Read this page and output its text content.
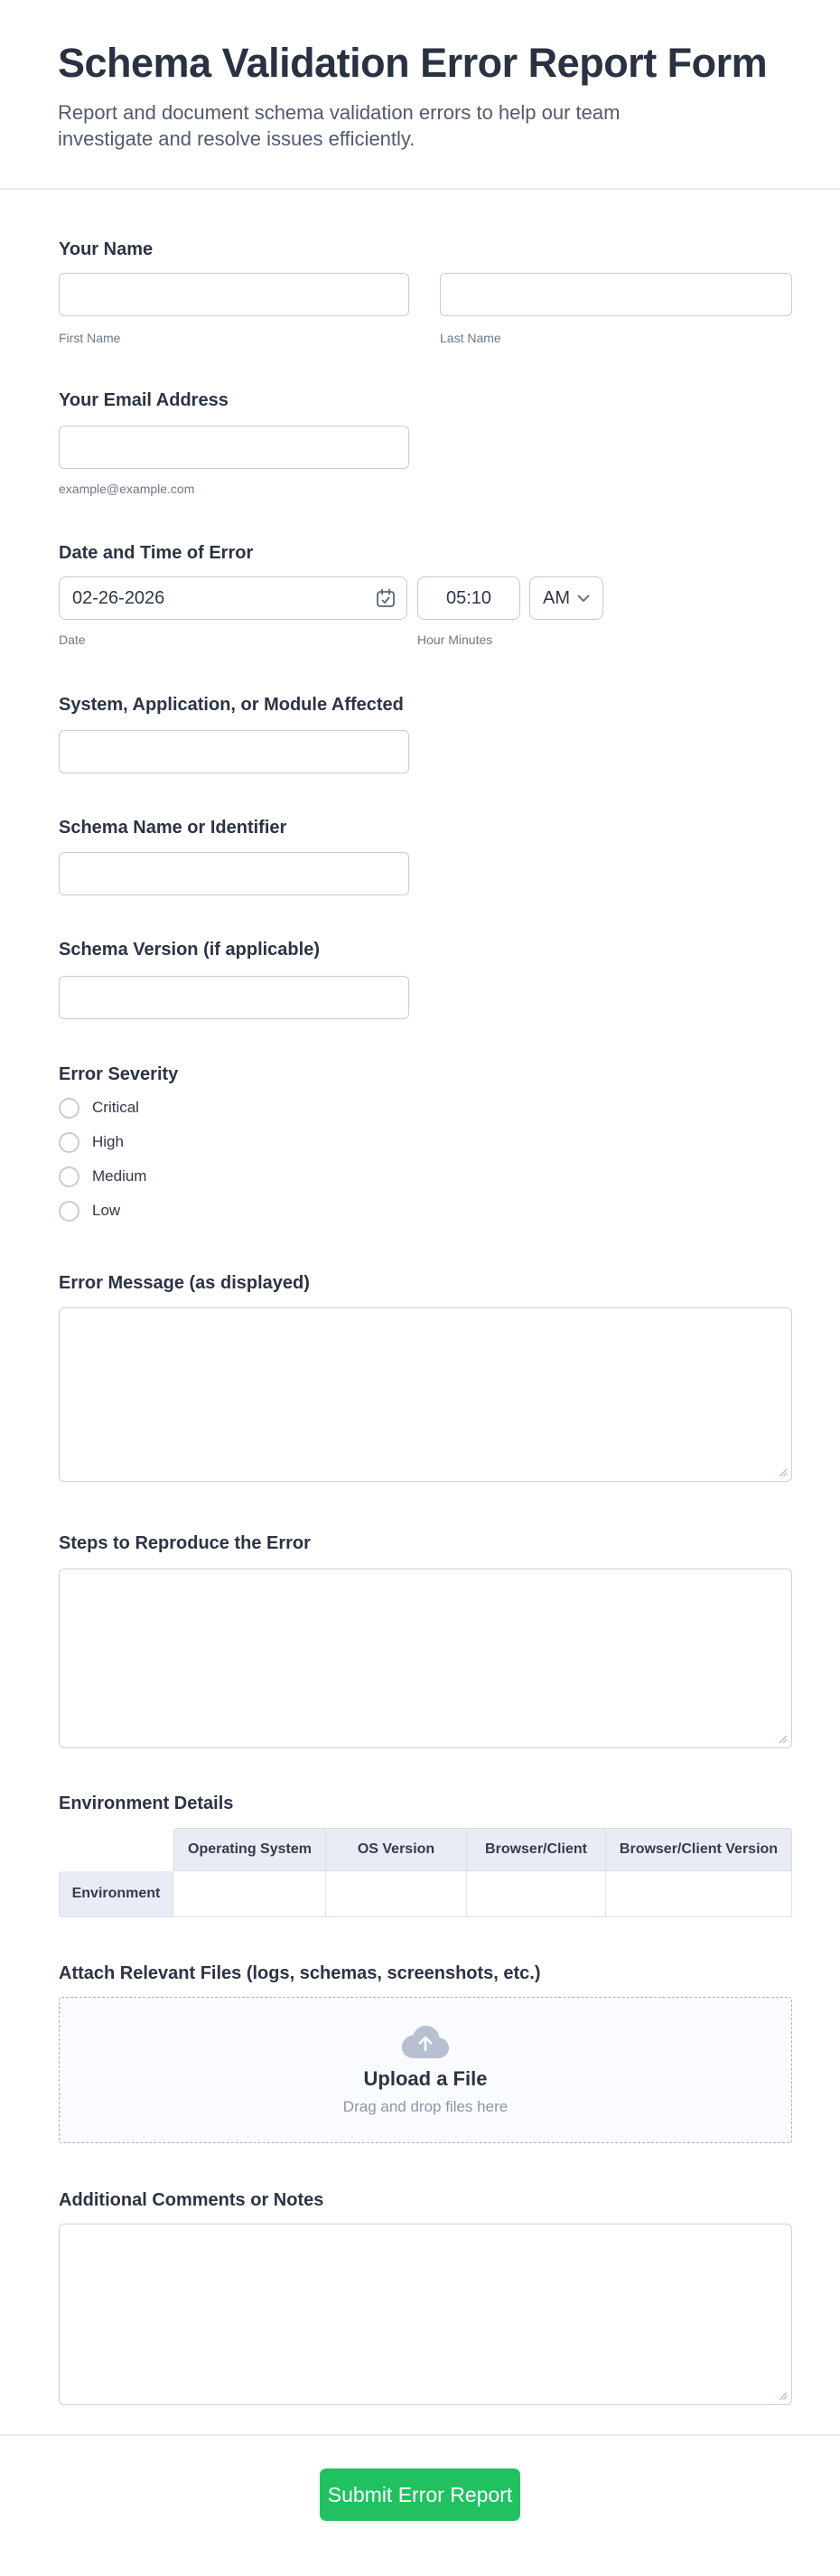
Schema Validation Error Report Form

Report and document schema validation errors to help our team investigate and resolve issues efficiently.

Your Name
First Name	Last Name
Your Email Address
example@example.com
Date and Time of Error
02-26-2026
05:10
AM
Date	Hour Minutes
System, Application, or Module Affected
Schema Name or Identifier
Schema Version (if applicable)
Error Severity
Critical
High
Medium
Low
Error Message (as displayed)
Steps to Reproduce the Error
Environment Details
	Operating System	OS Version	Browser/Client	Browser/Client Version
Environment				
Attach Relevant Files (logs, schemas, screenshots, etc.)
Upload a File
Drag and drop files here
Additional Comments or Notes
Submit Error Report
